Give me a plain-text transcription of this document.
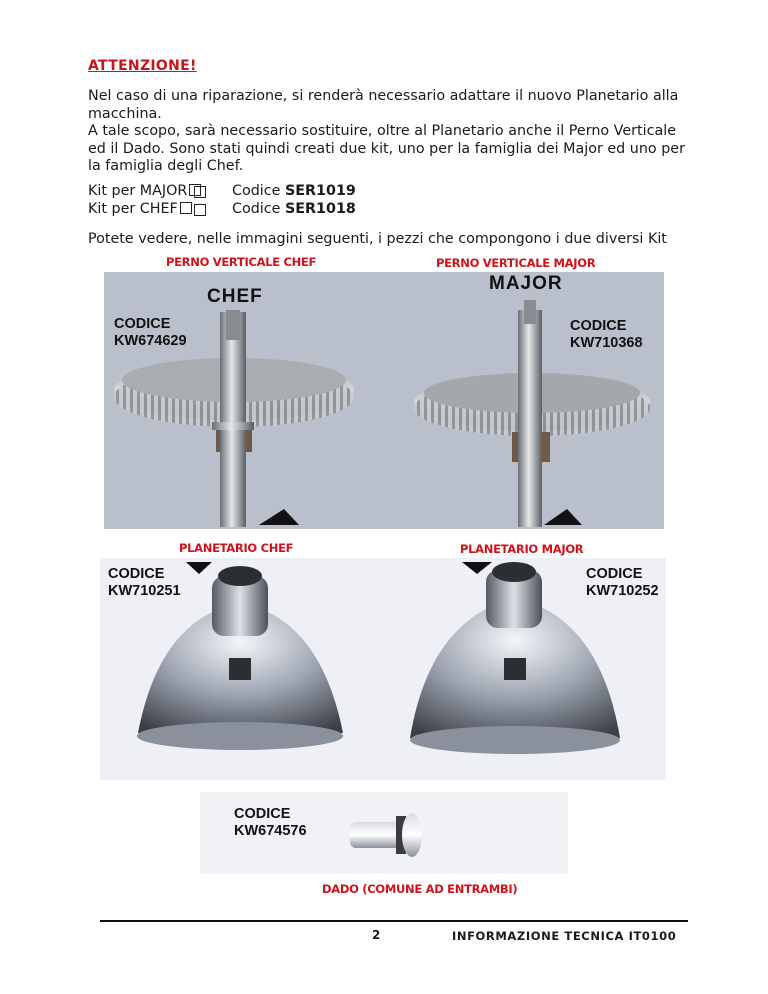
ATTENZIONE!
Nel caso di una riparazione, si renderà necessario adattare il nuovo Planetario alla
macchina.
A tale scopo, sarà necessario sostituire, oltre al Planetario anche il Perno Verticale
ed il Dado. Sono stati quindi creati due kit, uno per la famiglia dei Major ed uno per
la famiglia degli Chef.
Kit per MAJOR	Codice SER1019
Kit per CHEF	Codice SER1018
Potete vedere, nelle immagini seguenti, i pezzi che compongono i due diversi Kit
PERNO VERTICALE CHEF	PERNO VERTICALE MAJOR
CHEF
MAJOR
CODICE
KW674629
CODICE
KW710368
PLANETARIO CHEF	PLANETARIO MAJOR
CODICE
KW710251
CODICE
KW710252
CODICE
KW674576
DADO (COMUNE AD ENTRAMBI)
2	INFORMAZIONE TECNICA IT0100
